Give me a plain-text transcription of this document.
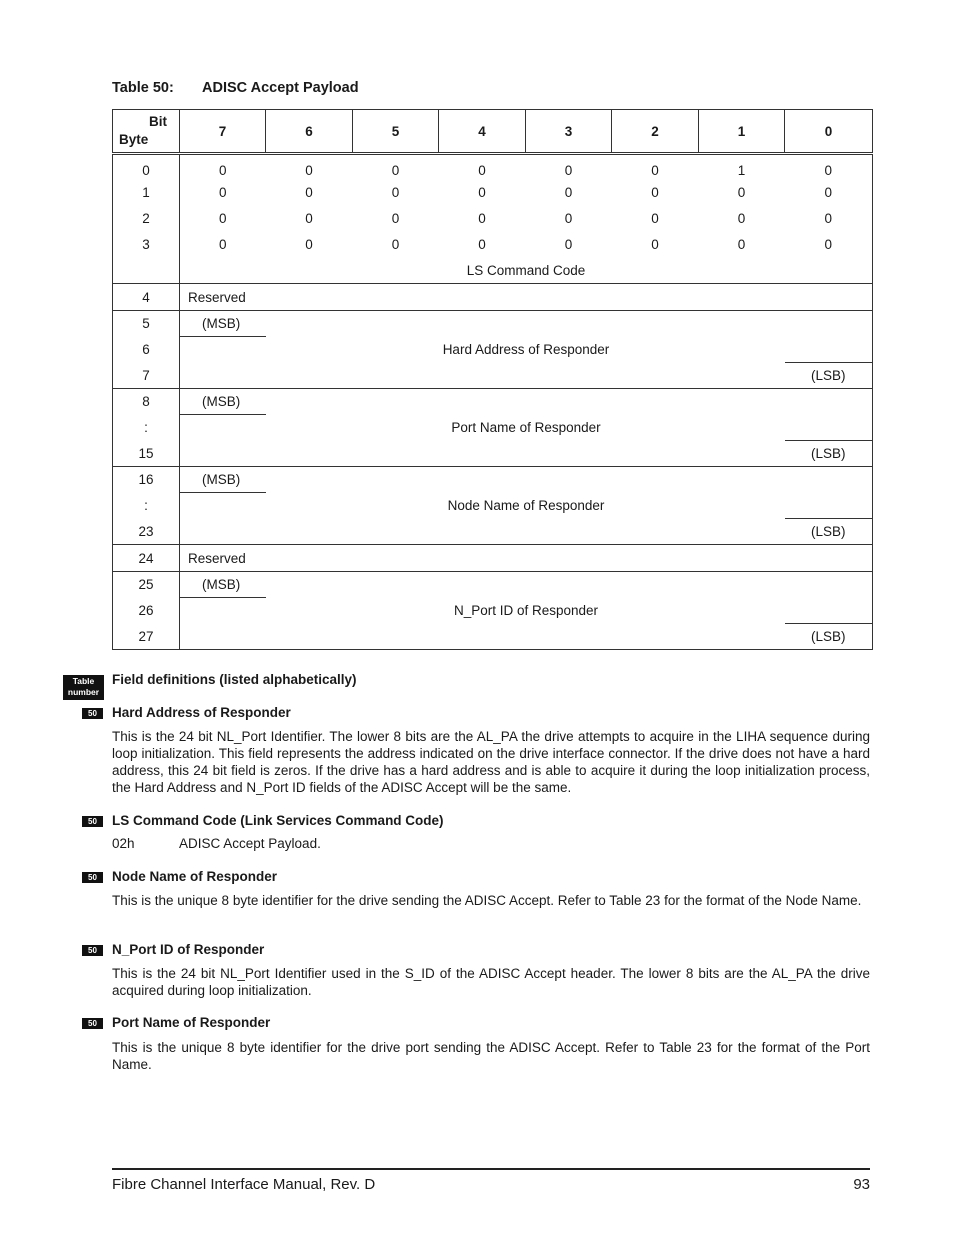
Table 50: ADISC Accept Payload
Bit
Byte	7	6	5	4	3	2	1	0
0	0	0	0	0	0	0	1	0
1	0	0	0	0	0	0	0	0
2	0	0	0	0	0	0	0	0
3	0	0	0	0	0	0	0	0
	LS Command Code							
4	Reserved							
5	(MSB)							
6	Hard Address of Responder							
7								(LSB)
8	(MSB)							
:	Port Name of Responder							
15								(LSB)
16	(MSB)							
:	Node Name of Responder							
23								(LSB)
24	Reserved							
25	(MSB)							
26	N_Port ID of Responder							
27								(LSB)
Table
number
Field definitions (listed alphabetically)
50	Hard Address of Responder
This is the 24 bit NL_Port Identifier. The lower 8 bits are the AL_PA the drive attempts to acquire in the LIHA sequence during loop initialization. This field represents the address indicated on the drive interface connector. If the drive does not have a hard address, this 24 bit field is zeros. If the drive has a hard address and is able to acquire it during the loop initialization process, the Hard Address and N_Port ID fields of the ADISC Accept will be the same.
50	LS Command Code (Link Services Command Code)
02h	ADISC Accept Payload.
50	Node Name of Responder
This is the unique 8 byte identifier for the drive sending the ADISC Accept. Refer to Table 23 for the format of the Node Name.
50	N_Port ID of Responder
This is the 24 bit NL_Port Identifier used in the S_ID of the ADISC Accept header. The lower 8 bits are the AL_PA the drive acquired during loop initialization.
50	Port Name of Responder
This is the unique 8 byte identifier for the drive port sending the ADISC Accept. Refer to Table 23 for the format of the Port Name.
Fibre Channel Interface Manual, Rev. D	93
